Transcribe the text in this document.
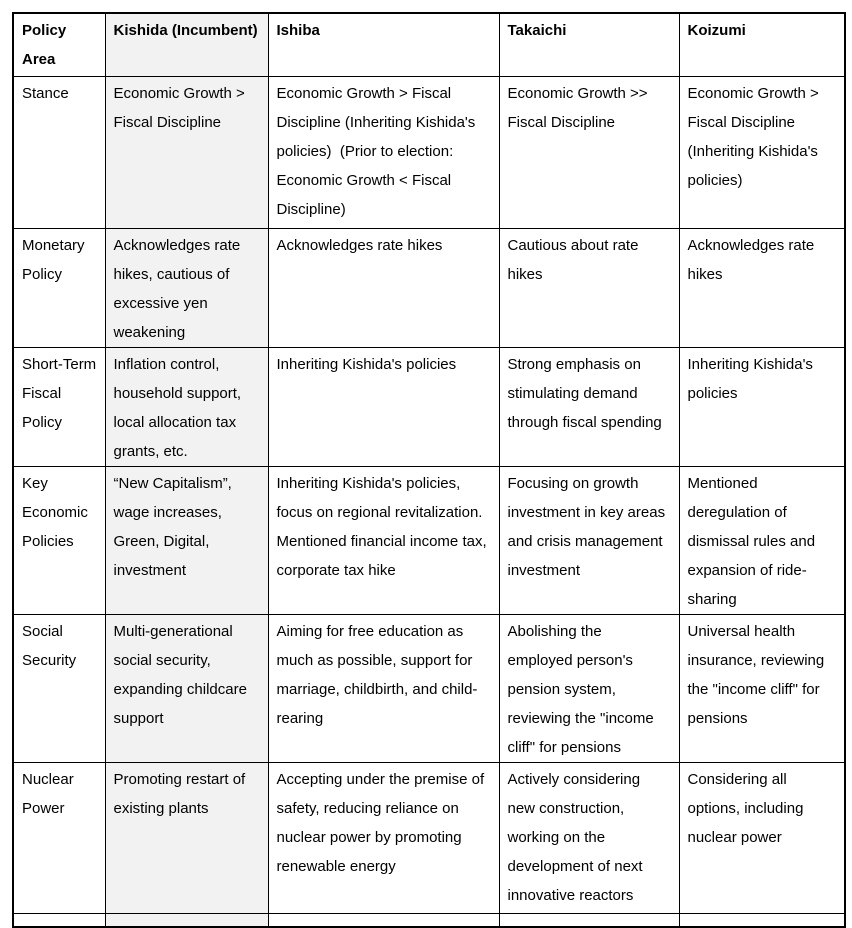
Policy Area	Kishida (Incumbent)	Ishiba	Takaichi	Koizumi
Stance	Economic Growth > Fiscal Discipline	Economic Growth > Fiscal Discipline (Inheriting Kishida's policies)  (Prior to election: Economic Growth < Fiscal Discipline)	Economic Growth >> Fiscal Discipline	Economic Growth > Fiscal Discipline (Inheriting Kishida's policies)
Monetary Policy	Acknowledges rate hikes, cautious of excessive yen weakening	Acknowledges rate hikes	Cautious about rate hikes	Acknowledges rate hikes
Short-Term Fiscal Policy	Inflation control, household support, local allocation tax grants, etc.	Inheriting Kishida's policies	Strong emphasis on stimulating demand through fiscal spending	Inheriting Kishida's policies
Key Economic Policies	“New Capitalism”, wage increases, Green, Digital, investment	Inheriting Kishida's policies, focus on regional revitalization. Mentioned financial income tax, corporate tax hike	Focusing on growth investment in key areas and crisis management investment	Mentioned deregulation of dismissal rules and expansion of ride-sharing
Social Security	Multi-generational social security, expanding childcare support	Aiming for free education as much as possible, support for marriage, childbirth, and child-rearing	Abolishing the employed person's pension system, reviewing the "income cliff" for pensions	Universal health insurance, reviewing the "income cliff" for pensions
Nuclear Power	Promoting restart of existing plants	Accepting under the premise of safety, reducing reliance on nuclear power by promoting renewable energy	Actively considering new construction, working on the development of next innovative reactors	Considering all options, including nuclear power
